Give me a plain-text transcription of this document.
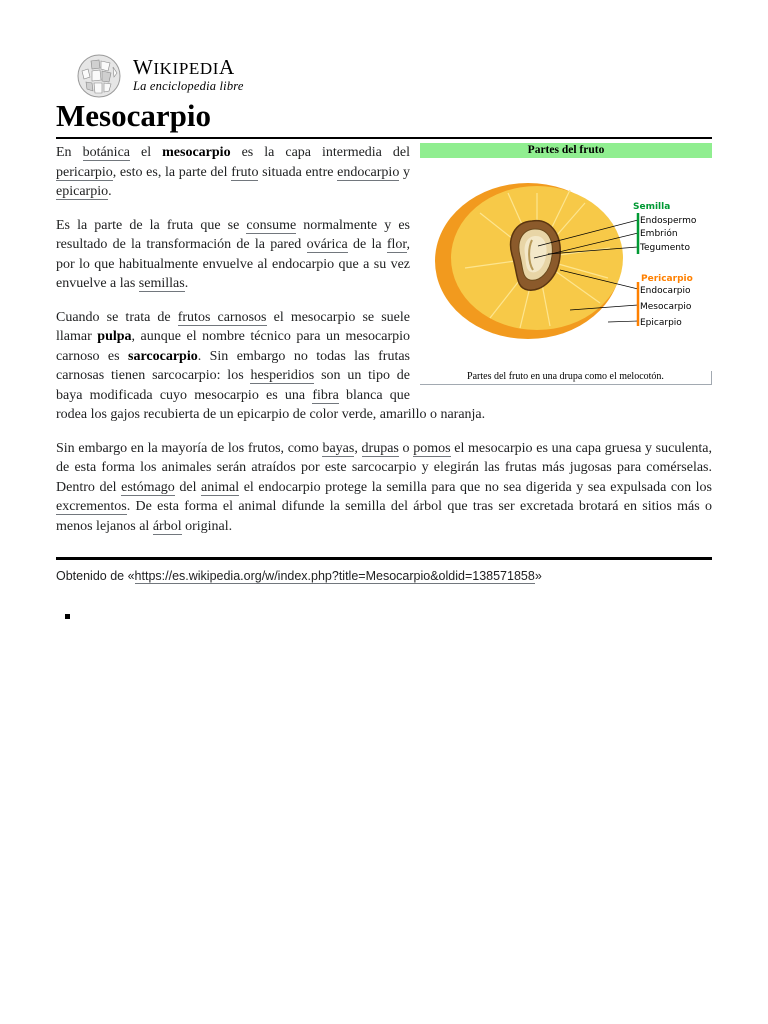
WIKIPEDIA
La enciclopedia libre
Mesocarpio
Partes del fruto
Semilla
Endospermo
Embrión
Tegumento
Pericarpio
Endocarpio
Mesocarpio
Epicarpio
Partes del fruto en una drupa como el melocotón.

En botánica el mesocarpio es la capa intermedia del pericarpio, esto es, la parte del fruto situada entre endocarpio y epicarpio.

Es la parte de la fruta que se consume normalmente y es resultado de la transformación de la pared ovárica de la flor, por lo que habitualmente envuelve al endocarpio que a su vez envuelve a las semillas.

Cuando se trata de frutos carnosos el mesocarpio se suele llamar pulpa, aunque el nombre técnico para un mesocarpio carnoso es sarcocarpio. Sin embargo no todas las frutas carnosas tienen sarcocarpio: los hesperidios son un tipo de baya modificada cuyo mesocarpio es una fibra blanca que rodea los gajos recubierta de un epicarpio de color verde, amarillo o naranja.

Sin embargo en la mayoría de los frutos, como bayas, drupas o pomos el mesocarpio es una capa gruesa y suculenta, de esta forma los animales serán atraídos por este sarcocarpio y elegirán las frutas más jugosas para comérselas. Dentro del estómago del animal el endocarpio protege la semilla para que no sea digerida y sea expulsada con los excrementos. De esta forma el animal difunde la semilla del árbol que tras ser excretada brotará en sitios más o menos lejanos al árbol original.

Obtenido de «https://es.wikipedia.org/w/index.php?title=Mesocarpio&oldid=138571858»
